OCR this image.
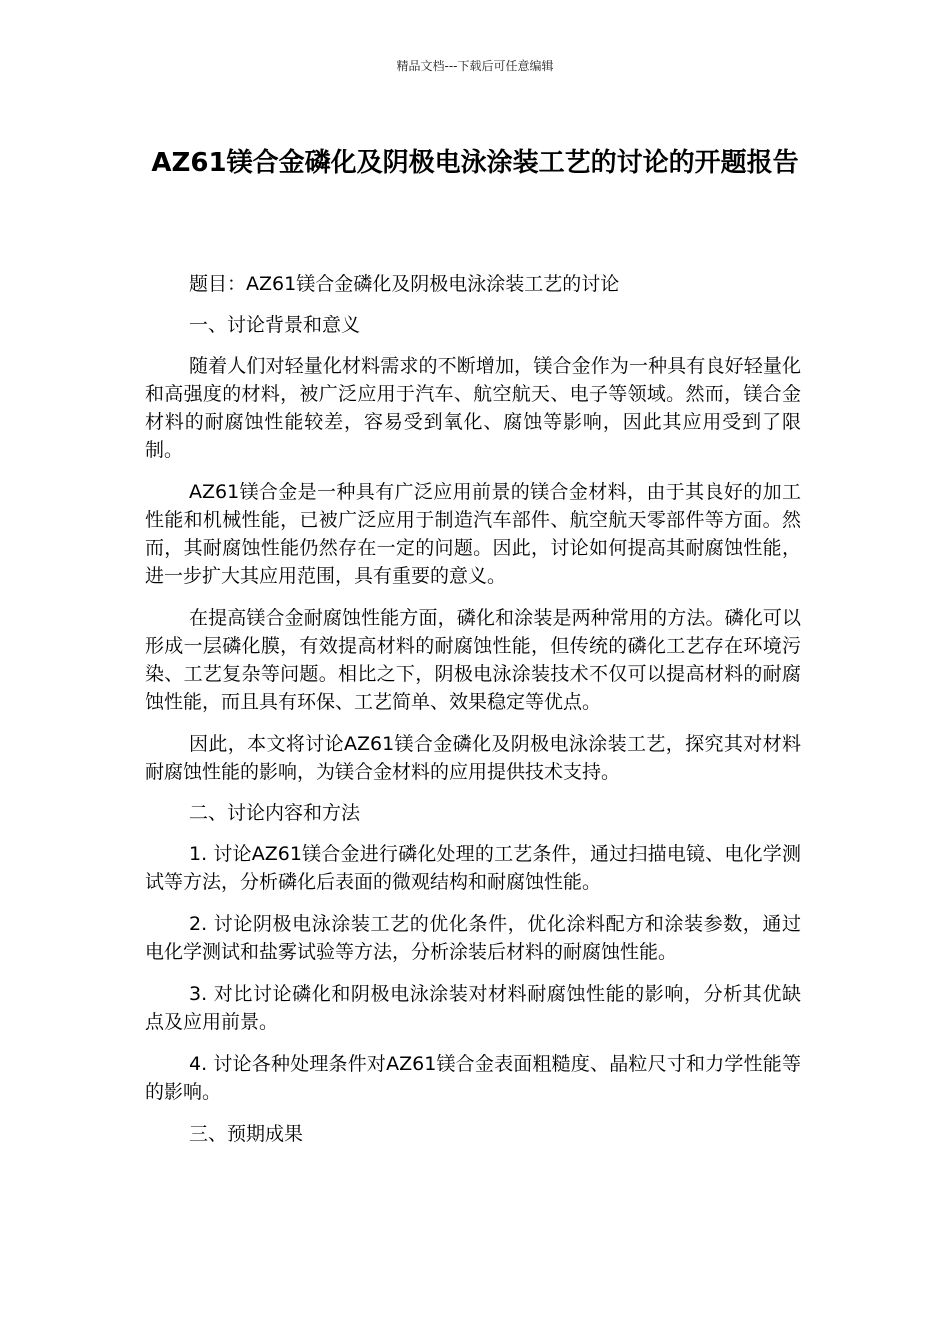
精品文档---下载后可任意编辑
AZ61镁合金磷化及阴极电泳涂装工艺的讨论的开题报告

题目：AZ61镁合金磷化及阴极电泳涂装工艺的讨论

一、讨论背景和意义

随着人们对轻量化材料需求的不断增加，镁合金作为一种具有良好轻量化和高强度的材料，被广泛应用于汽车、航空航天、电子等领域。然而，镁合金材料的耐腐蚀性能较差，容易受到氧化、腐蚀等影响，因此其应用受到了限制。

AZ61镁合金是一种具有广泛应用前景的镁合金材料，由于其良好的加工性能和机械性能，已被广泛应用于制造汽车部件、航空航天零部件等方面。然而，其耐腐蚀性能仍然存在一定的问题。因此，讨论如何提高其耐腐蚀性能，进一步扩大其应用范围，具有重要的意义。

在提高镁合金耐腐蚀性能方面，磷化和涂装是两种常用的方法。磷化可以形成一层磷化膜，有效提高材料的耐腐蚀性能，但传统的磷化工艺存在环境污染、工艺复杂等问题。相比之下，阴极电泳涂装技术不仅可以提高材料的耐腐蚀性能，而且具有环保、工艺简单、效果稳定等优点。

因此，本文将讨论AZ61镁合金磷化及阴极电泳涂装工艺，探究其对材料耐腐蚀性能的影响，为镁合金材料的应用提供技术支持。

二、讨论内容和方法

1. 讨论AZ61镁合金进行磷化处理的工艺条件，通过扫描电镜、电化学测试等方法，分析磷化后表面的微观结构和耐腐蚀性能。

2. 讨论阴极电泳涂装工艺的优化条件，优化涂料配方和涂装参数，通过电化学测试和盐雾试验等方法，分析涂装后材料的耐腐蚀性能。

3. 对比讨论磷化和阴极电泳涂装对材料耐腐蚀性能的影响，分析其优缺点及应用前景。

4. 讨论各种处理条件对AZ61镁合金表面粗糙度、晶粒尺寸和力学性能等的影响。

三、预期成果
